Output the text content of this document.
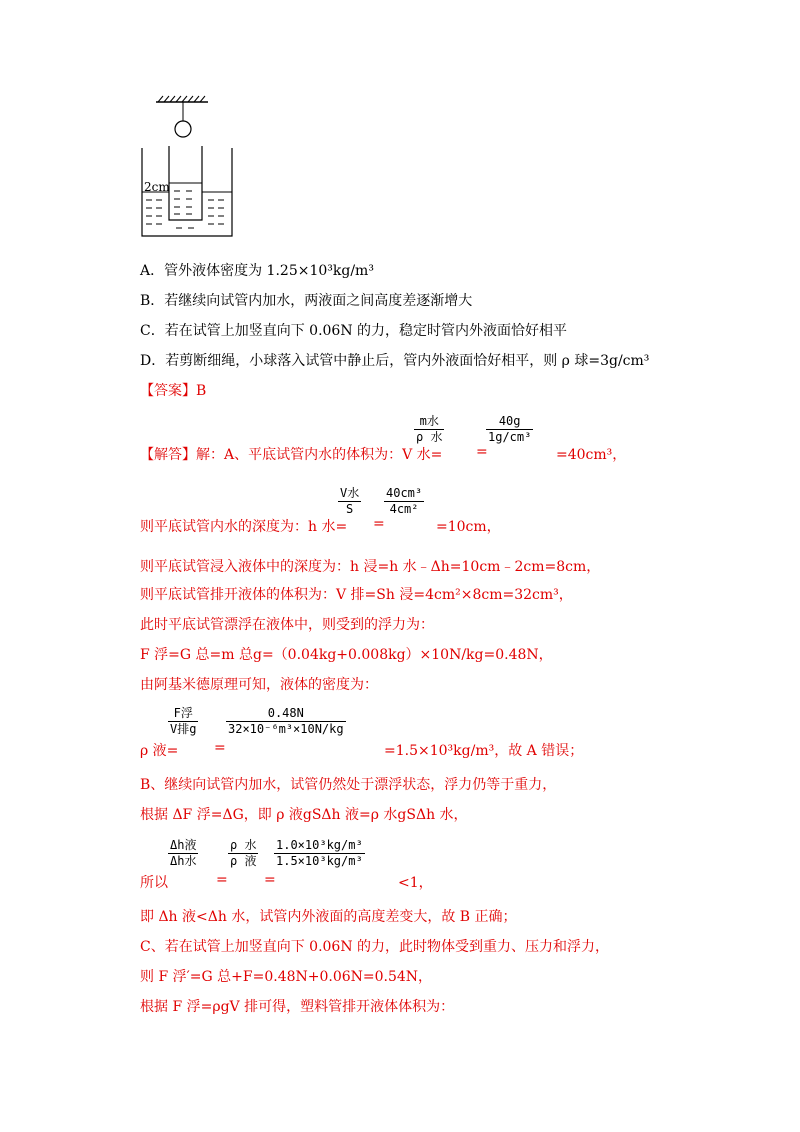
2cm
A．管外液体密度为 1.25×10³kg/m³
B．若继续向试管内加水，两液面之间高度差逐渐增大
C．若在试管上加竖直向下 0.06N 的力，稳定时管内外液面恰好相平
D．若剪断细绳，小球落入试管中静止后，管内外液面恰好相平，则 ρ 球=3g/cm³
【答案】B
【解答】解：A、平底试管内水的体积为：V 水=
m水
ρ 水
40g
1g/cm³
=	=40cm³，
则平底试管内水的深度为：h 水=
V水
S
=
40cm³
4cm²
=10cm，
则平底试管浸入液体中的深度为：h 浸=h 水﹣Δh=10cm﹣2cm=8cm，
则平底试管排开液体的体积为：V 排=Sh 浸=4cm²×8cm=32cm³，
此时平底试管漂浮在液体中，则受到的浮力为：
F 浮=G 总=m 总g=（0.04kg+0.008kg）×10N/kg=0.48N，
由阿基米德原理可知，液体的密度为：
ρ 液=
F浮
V排g
=
0.48N
32×10⁻⁶m³×10N/kg
=1.5×10³kg/m³，故 A 错误；
B、继续向试管内加水，试管仍然处于漂浮状态，浮力仍等于重力，
根据 ΔF 浮=ΔG，即 ρ 液gSΔh 液=ρ 水gSΔh 水，
所以
Δh液
Δh水
=
ρ 水
ρ 液
=
1.0×10³kg/m³
1.5×10³kg/m³
<1，
即 Δh 液<Δh 水，试管内外液面的高度差变大，故 B 正确；
C、若在试管上加竖直向下 0.06N 的力，此时物体受到重力、压力和浮力，
则 F 浮′=G 总+F=0.48N+0.06N=0.54N，
根据 F 浮=ρgV 排可得，塑料管排开液体体积为：
